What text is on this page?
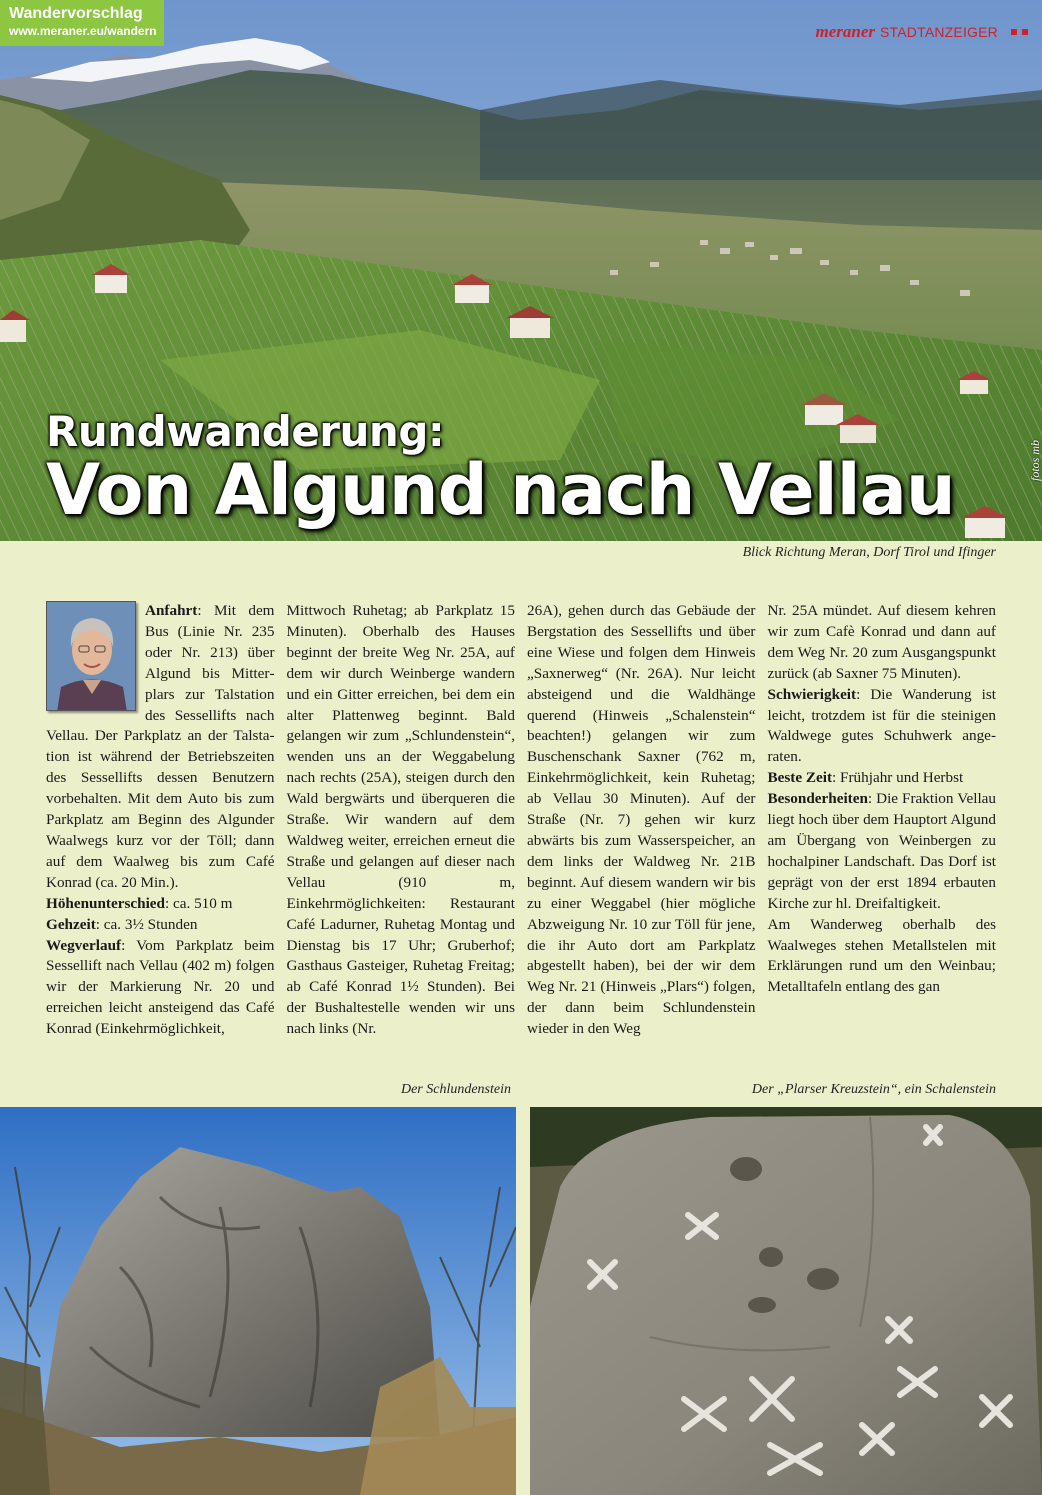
Wandervorschlag
www.meraner.eu/wandern	meraner STADTANZEIGER
Rundwanderung:
Von Algund nach Vellau	fotos mb
Blick Richtung Meran, Dorf Tirol und Ifinger

Anfahrt: Mit dem Bus (Linie Nr. 235 oder Nr. 213) über Algund bis Mitterplars zur Talstation des Sessellifts nach Vellau. Der Parkplatz an der Talstation ist während der Betriebszeiten des Sessellifts dessen Benutzern vorbehalten. Mit dem Auto bis zum Parkplatz am Beginn des Algunder Waalwegs kurz vor der Töll; dann auf dem Waalweg bis zum Café Konrad (ca. 20 Min.).

Höhenunterschied: ca. 510 m

Gehzeit: ca. 3½ Stunden

Wegverlauf: Vom Parkplatz beim Sessellift nach Vellau (402 m) folgen wir der Markierung Nr. 20 und erreichen leicht ansteigend das Café Konrad (Einkehrmöglichkeit,

Mittwoch Ruhetag; ab Parkplatz 15 Minuten). Oberhalb des Hauses beginnt der breite Weg Nr. 25A, auf dem wir durch Weinberge wandern und ein Gitter erreichen, bei dem ein alter Plattenweg beginnt. Bald gelangen wir zum „Schlundenstein“, wenden uns an der Weggabelung nach rechts (25A), steigen durch den Wald bergwärts und überqueren die Straße. Wir wandern auf dem Waldweg weiter, erreichen erneut die Straße und gelangen auf dieser nach Vellau (910 m, Einkehrmöglichkeiten: Restaurant Café Ladurner, Ruhetag Montag und Dienstag bis 17 Uhr; Gruberhof; Gasthaus Gasteiger, Ruhetag Freitag; ab Café Konrad 1½ Stunden). Bei der Bushaltestelle wenden wir uns nach links (Nr.

26A), gehen durch das Gebäude der Bergstation des Sessellifts und über eine Wiese und folgen dem Hinweis „Saxnerweg“ (Nr. 26A). Nur leicht absteigend und die Waldhänge querend (Hinweis „Schalenstein“ beachten!) gelangen wir zum Buschenschank Saxner (762 m, Einkehrmöglichkeit, kein Ruhetag; ab Vellau 30 Minuten). Auf der Straße (Nr. 7) gehen wir kurz abwärts bis zum Wasserspeicher, an dem links der Waldweg Nr. 21B beginnt. Auf diesem wandern wir bis zu einer Weggabel (hier mögliche Abzweigung Nr. 10 zur Töll für jene, die ihr Auto dort am Parkplatz abgestellt haben), bei der wir dem Weg Nr. 21 (Hinweis „Plars“) folgen, der dann beim Schlundenstein wieder in den Weg

Nr. 25A mündet. Auf diesem kehren wir zum Cafè Konrad und dann auf dem Weg Nr. 20 zum Ausgangspunkt zurück (ab Saxner 75 Minuten).

Schwierigkeit: Die Wanderung ist leicht, trotzdem ist für die steinigen Waldwege gutes Schuhwerk angeraten.

Beste Zeit: Frühjahr und Herbst

Besonderheiten: Die Fraktion Vellau liegt hoch über dem Hauptort Algund am Übergang von Weinbergen zu hochalpiner Landschaft. Das Dorf ist geprägt von der erst 1894 erbauten Kirche zur hl. Dreifaltigkeit.

Am Wanderweg oberhalb des Waalweges stehen Metallstelen mit Erklärungen rund um den Weinbau; Metalltafeln entlang des gan

Der Schlundenstein	Der „Plarser Kreuzstein“, ein Schalenstein
